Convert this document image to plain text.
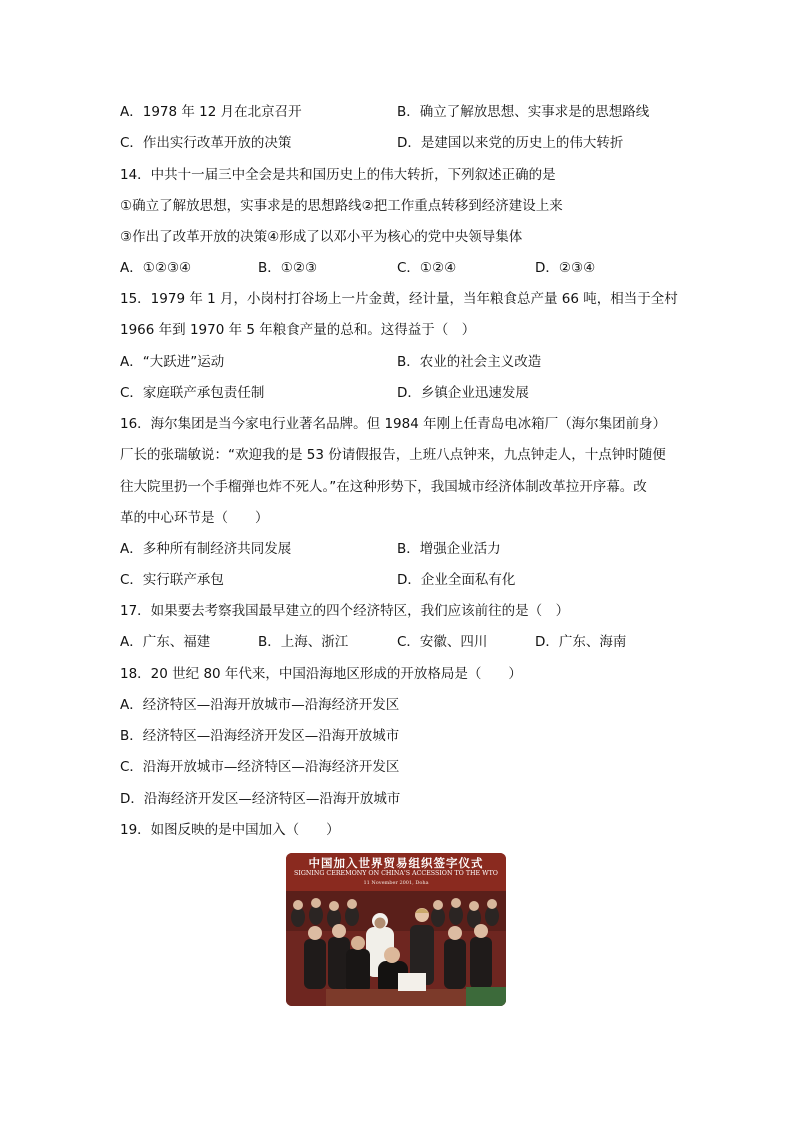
A．1978 年 12 月在北京召开	B．确立了解放思想、实事求是的思想路线
C．作出实行改革开放的决策	D．是建国以来党的历史上的伟大转折
14．中共十一届三中全会是共和国历史上的伟大转折，下列叙述正确的是
①确立了解放思想，实事求是的思想路线②把工作重点转移到经济建设上来
③作出了改革开放的决策④形成了以邓小平为核心的党中央领导集体
A．①②③④	B．①②③	C．①②④	D．②③④
15．1979 年 1 月，小岗村打谷场上一片金黄，经计量，当年粮食总产量 66 吨，相当于全村
1966 年到 1970 年 5 年粮食产量的总和。这得益于（　）
A．“大跃进”运动	B．农业的社会主义改造
C．家庭联产承包责任制	D．乡镇企业迅速发展
16．海尔集团是当今家电行业著名品牌。但 1984 年刚上任青岛电冰箱厂（海尔集团前身）
厂长的张瑞敏说：“欢迎我的是 53 份请假报告，上班八点钟来，九点钟走人，十点钟时随便
往大院里扔一个手榴弹也炸不死人。”在这种形势下，我国城市经济体制改革拉开序幕。改
革的中心环节是（　　）
A．多种所有制经济共同发展	B．增强企业活力
C．实行联产承包	D．企业全面私有化
17．如果要去考察我国最早建立的四个经济特区，我们应该前往的是（　）
A．广东、福建	B．上海、浙江	C．安徽、四川	D．广东、海南
18．20 世纪 80 年代来，中国沿海地区形成的开放格局是（　　）
A．经济特区—沿海开放城市—沿海经济开发区
B．经济特区—沿海经济开发区—沿海开放城市
C．沿海开放城市—经济特区—沿海经济开发区
D．沿海经济开发区—经济特区—沿海开放城市
19．如图反映的是中国加入（　　）
中国加入世界贸易组织签字仪式
SIGNING CEREMONY ON CHINA'S ACCESSION TO THE WTO
11 November 2001, Doha
